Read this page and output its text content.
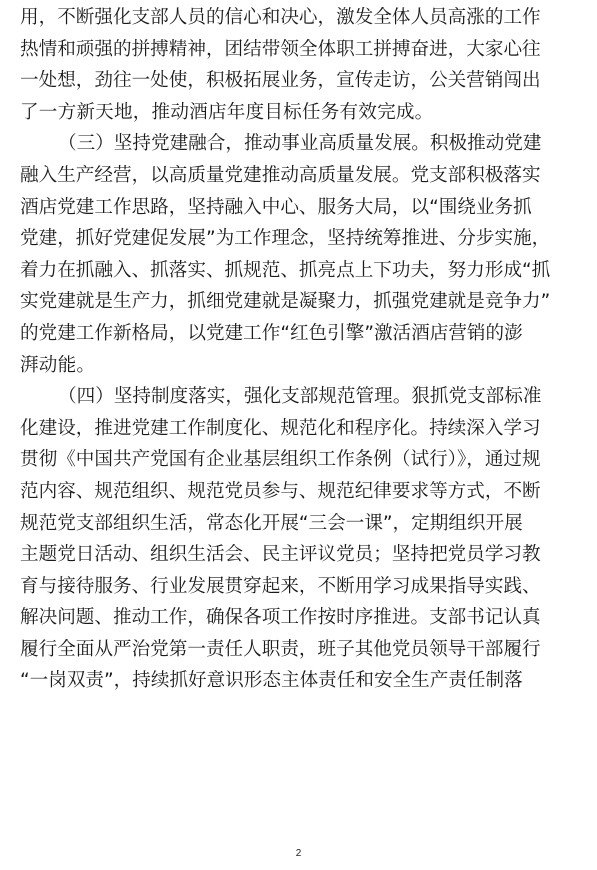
用，不断强化支部人员的信心和决心，激发全体人员高涨的工作
热情和顽强的拼搏精神，团结带领全体职工拼搏奋进，大家心往
一处想，劲往一处使，积极拓展业务，宣传走访，公关营销闯出
了一方新天地，推动酒店年度目标任务有效完成。
（三）坚持党建融合，推动事业高质量发展。积极推动党建
融入生产经营，以高质量党建推动高质量发展。党支部积极落实
酒店党建工作思路，坚持融入中心、服务大局，以“围绕业务抓
党建，抓好党建促发展”为工作理念，坚持统筹推进、分步实施，
着力在抓融入、抓落实、抓规范、抓亮点上下功夫，努力形成“抓
实党建就是生产力，抓细党建就是凝聚力，抓强党建就是竞争力”
的党建工作新格局，以党建工作“红色引擎”激活酒店营销的澎
湃动能。
（四）坚持制度落实，强化支部规范管理。狠抓党支部标准
化建设，推进党建工作制度化、规范化和程序化。持续深入学习
贯彻《中国共产党国有企业基层组织工作条例（试行）》，通过规
范内容、规范组织、规范党员参与、规范纪律要求等方式，不断
规范党支部组织生活，常态化开展“三会一课”，定期组织开展
主题党日活动、组织生活会、民主评议党员；坚持把党员学习教
育与接待服务、行业发展贯穿起来，不断用学习成果指导实践、
解决问题、推动工作，确保各项工作按时序推进。支部书记认真
履行全面从严治党第一责任人职责，班子其他党员领导干部履行
“一岗双责”，持续抓好意识形态主体责任和安全生产责任制落
2
